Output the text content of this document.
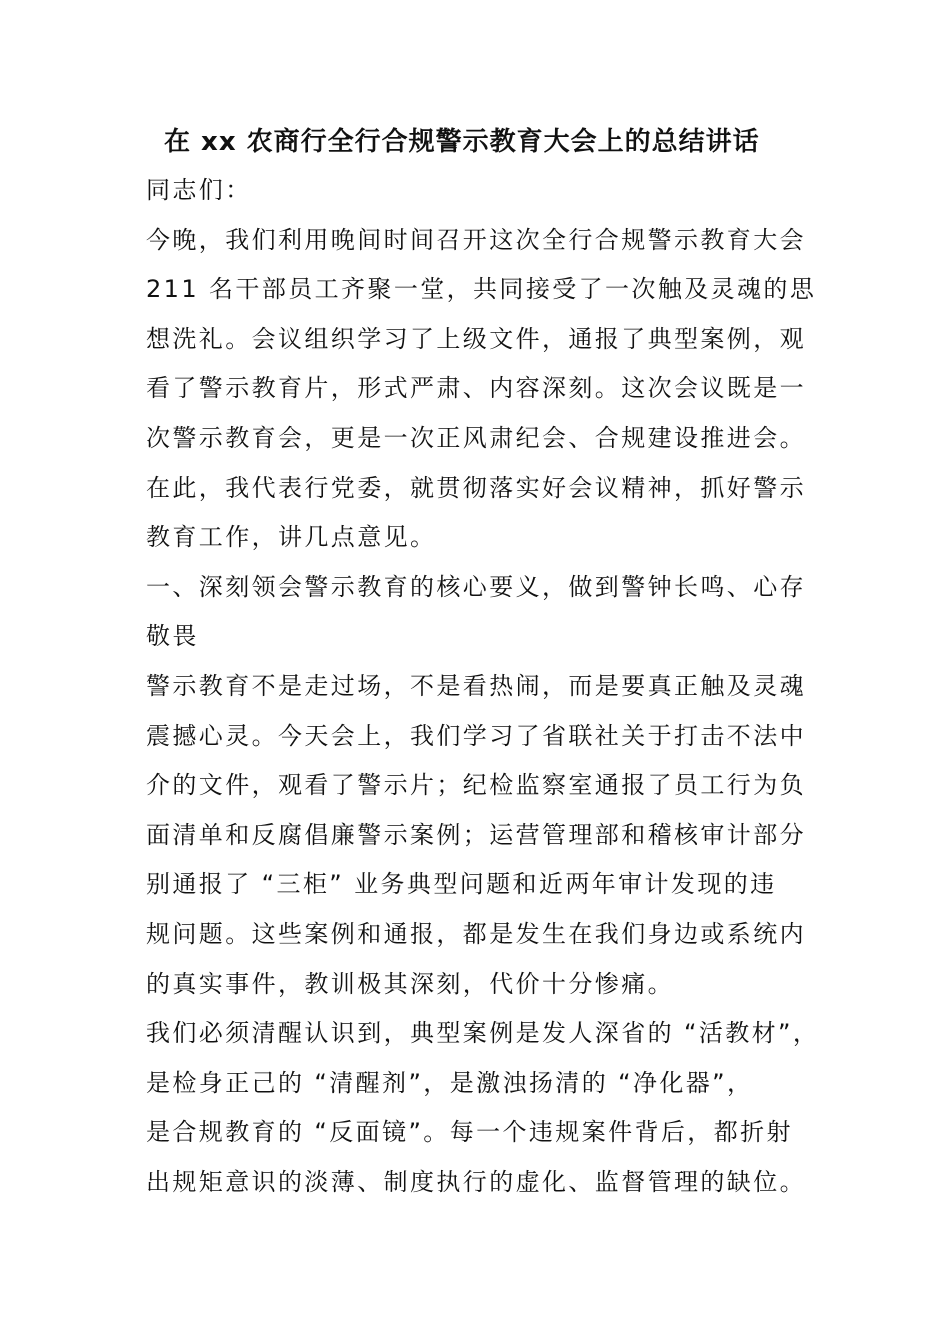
在 xx 农商行全行合规警示教育大会上的总结讲话
同志们：
今晚，我们利用晚间时间召开这次全行合规警示教育大会
211 名干部员工齐聚一堂，共同接受了一次触及灵魂的思
想洗礼。会议组织学习了上级文件，通报了典型案例，观
看了警示教育片，形式严肃、内容深刻。这次会议既是一
次警示教育会，更是一次正风肃纪会、合规建设推进会。
在此，我代表行党委，就贯彻落实好会议精神，抓好警示
教育工作，讲几点意见。
一、深刻领会警示教育的核心要义，做到警钟长鸣、心存
敬畏
警示教育不是走过场，不是看热闹，而是要真正触及灵魂
震撼心灵。今天会上，我们学习了省联社关于打击不法中
介的文件，观看了警示片；纪检监察室通报了员工行为负
面清单和反腐倡廉警示案例；运营管理部和稽核审计部分
别通报了 “三柜” 业务典型问题和近两年审计发现的违
规问题。这些案例和通报，都是发生在我们身边或系统内
的真实事件，教训极其深刻，代价十分惨痛。
我们必须清醒认识到，典型案例是发人深省的 “活教材”，
是检身正己的 “清醒剂”，是激浊扬清的 “净化器”，
是合规教育的 “反面镜”。每一个违规案件背后，都折射
出规矩意识的淡薄、制度执行的虚化、监督管理的缺位。
